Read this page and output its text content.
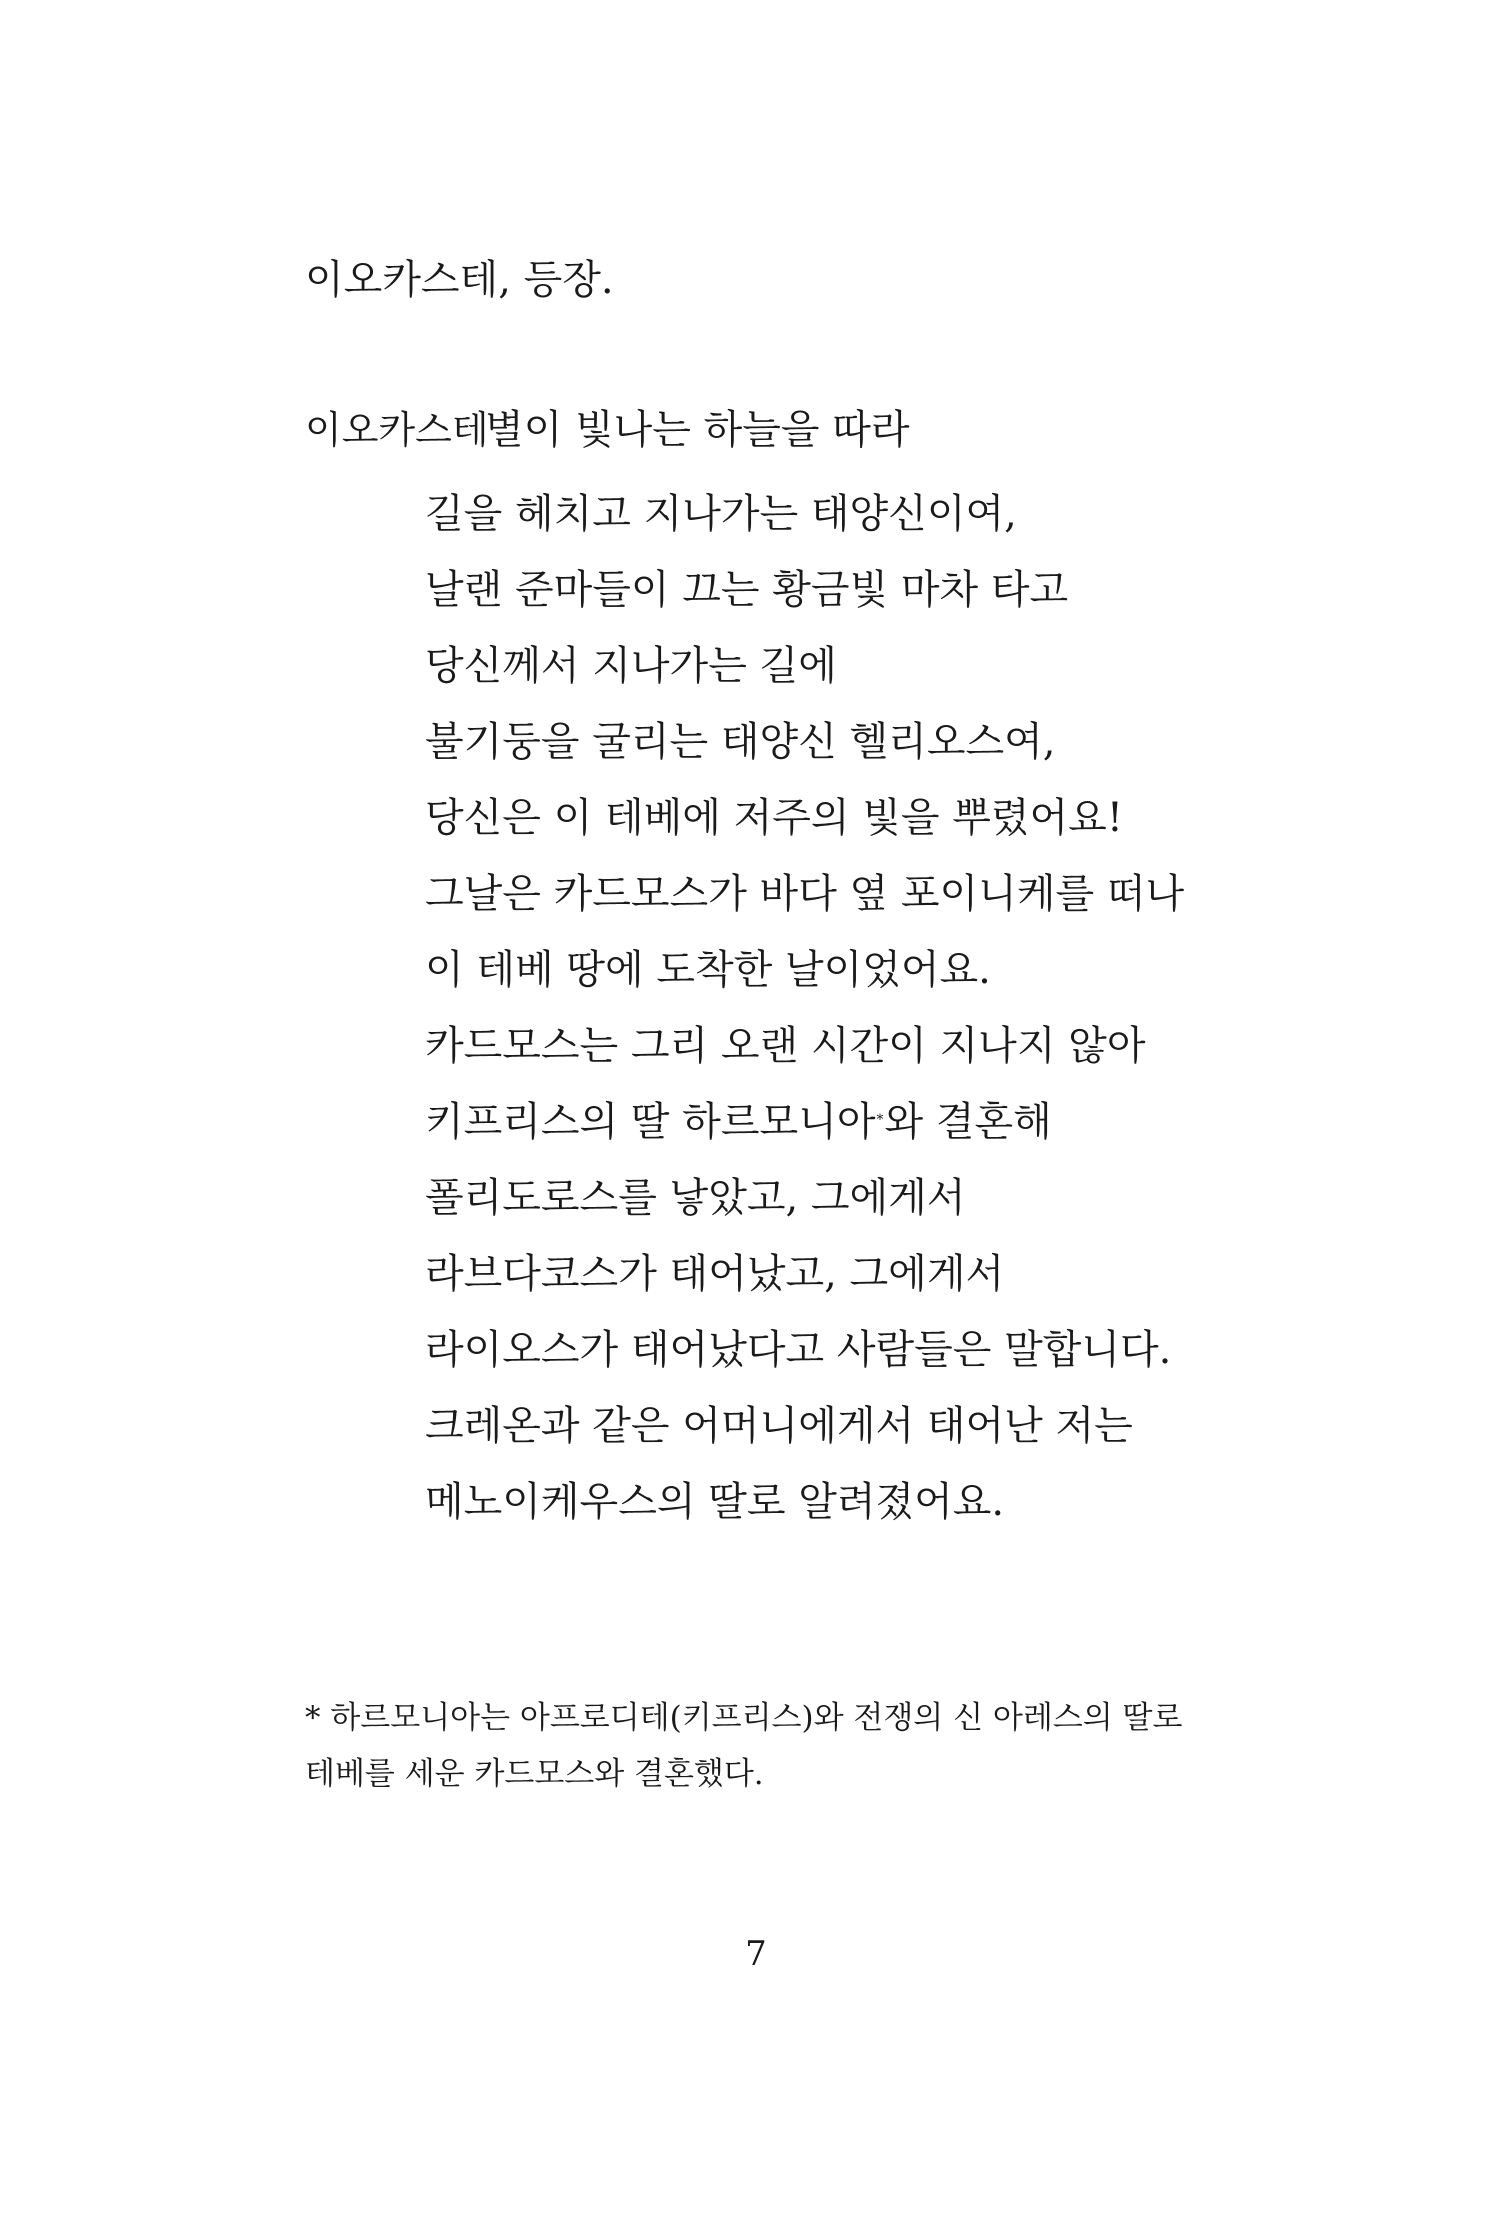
이오카스테, 등장.
이오카스테
별이 빛나는 하늘을 따라
길을 헤치고 지나가는 태양신이여,
날랜 준마들이 끄는 황금빛 마차 타고
당신께서 지나가는 길에
불기둥을 굴리는 태양신 헬리오스여,
당신은 이 테베에 저주의 빛을 뿌렸어요!
그날은 카드모스가 바다 옆 포이니케를 떠나
이 테베 땅에 도착한 날이었어요.
카드모스는 그리 오랜 시간이 지나지 않아
키프리스의 딸 하르모니아*와 결혼해
폴리도로스를 낳았고, 그에게서
라브다코스가 태어났고, 그에게서
라이오스가 태어났다고 사람들은 말합니다.
크레온과 같은 어머니에게서 태어난 저는
메노이케우스의 딸로 알려졌어요.
* 하르모니아는 아프로디테(키프리스)와 전쟁의 신 아레스의 딸로
테베를 세운 카드모스와 결혼했다.
7
